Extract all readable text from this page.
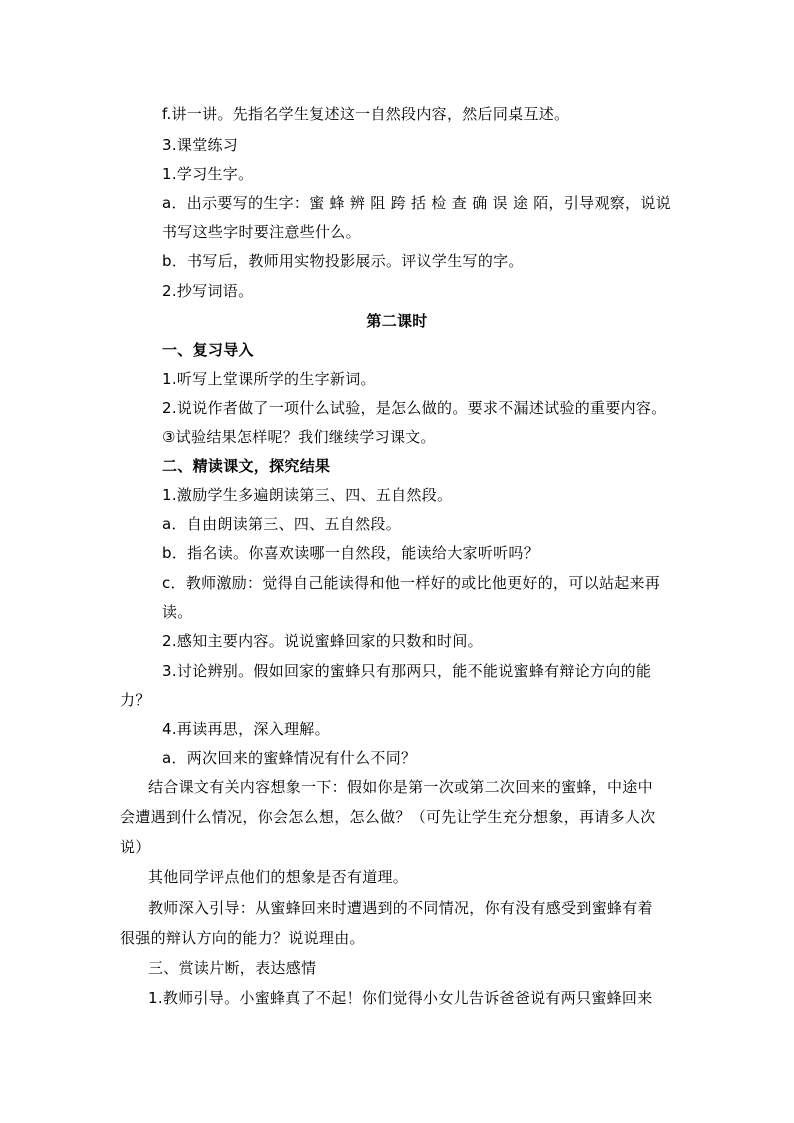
f.讲一讲。先指名学生复述这一自然段内容，然后同桌互述。
3.课堂练习
1.学习生字。
a．出示要写的生字：蜜 蜂 辨 阻 跨 括 检 查 确 误 途 陌，引导观察，说说
书写这些字时要注意些什么。
b．书写后，教师用实物投影展示。评议学生写的字。
2.抄写词语。
第二课时
一、复习导入
1.听写上堂课所学的生字新词。
2.说说作者做了一项什么试验，是怎么做的。要求不漏述试验的重要内容。
③试验结果怎样呢？我们继续学习课文。
二、精读课文，探究结果
1.激励学生多遍朗读第三、四、五自然段。
a．自由朗读第三、四、五自然段。
b．指名读。你喜欢读哪一自然段，能读给大家听听吗？
c．教师激励：觉得自己能读得和他一样好的或比他更好的，可以站起来再
读。
2.感知主要内容。说说蜜蜂回家的只数和时间。
3.讨论辨别。假如回家的蜜蜂只有那两只，能不能说蜜蜂有辩论方向的能
力？
4.再读再思，深入理解。
a．两次回来的蜜蜂情况有什么不同？
结合课文有关内容想象一下：假如你是第一次或第二次回来的蜜蜂，中途中
会遭遇到什么情况，你会怎么想，怎么做？（可先让学生充分想象，再请多人次
说）
其他同学评点他们的想象是否有道理。
教师深入引导：从蜜蜂回来时遭遇到的不同情况，你有没有感受到蜜蜂有着
很强的辩认方向的能力？说说理由。
三、赏读片断，表达感情
1.教师引导。小蜜蜂真了不起！你们觉得小女儿告诉爸爸说有两只蜜蜂回来
